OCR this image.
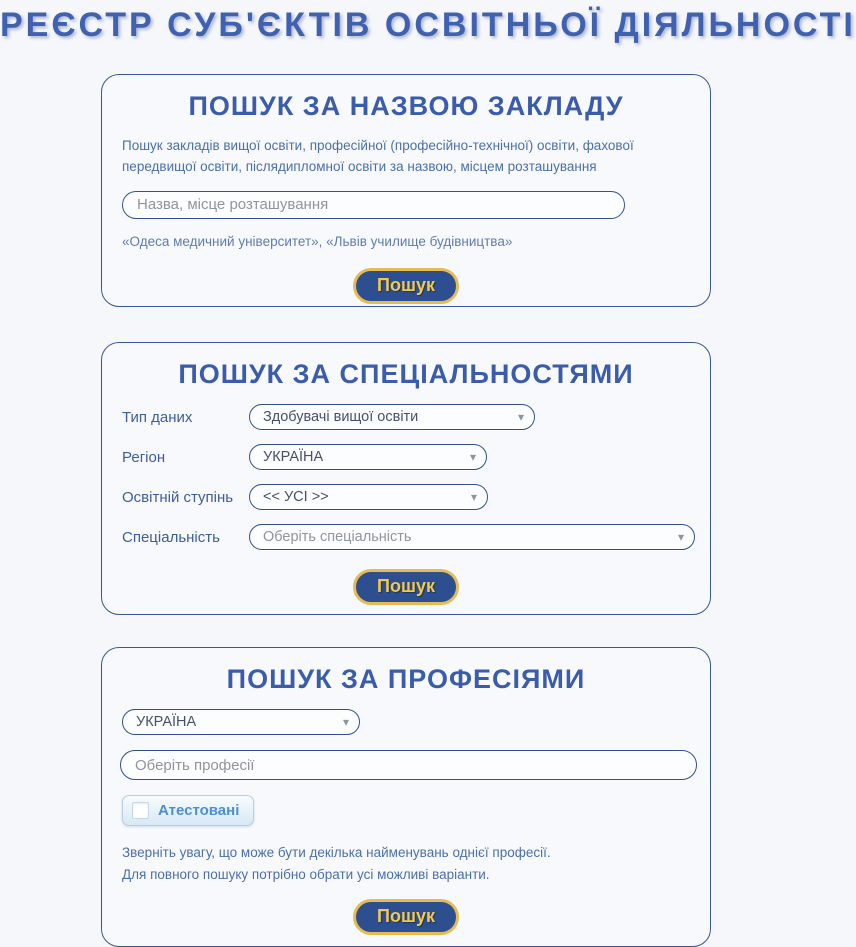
РЕЄСТР СУБ'ЄКТІВ ОСВІТНЬОЇ ДІЯЛЬНОСТІ
ПОШУК ЗА НАЗВОЮ ЗАКЛАДУ
Пошук закладів вищої освіти, професійної (професійно-технічної) освіти, фахової передвищої освіти, післядипломної освіти за назвою, місцем розташування
Назва, місце розташування
«Одеса медичний університет», «Львів училище будівництва»
Пошук
ПОШУК ЗА СПЕЦІАЛЬНОСТЯМИ
Тип даних	Здобувачі вищої освіти	▾
Регіон	УКРАЇНА	▾
Освітній ступінь	<< УСІ >>	▾
Спеціальність	Оберіть спеціальність	▾
Пошук
ПОШУК ЗА ПРОФЕСІЯМИ
УКРАЇНА	▾
Оберіть професії
Атестовані
Зверніть увагу, що може бути декілька найменувань однієї професії.
Для повного пошуку потрібно обрати усі можливі варіанти.
Пошук
